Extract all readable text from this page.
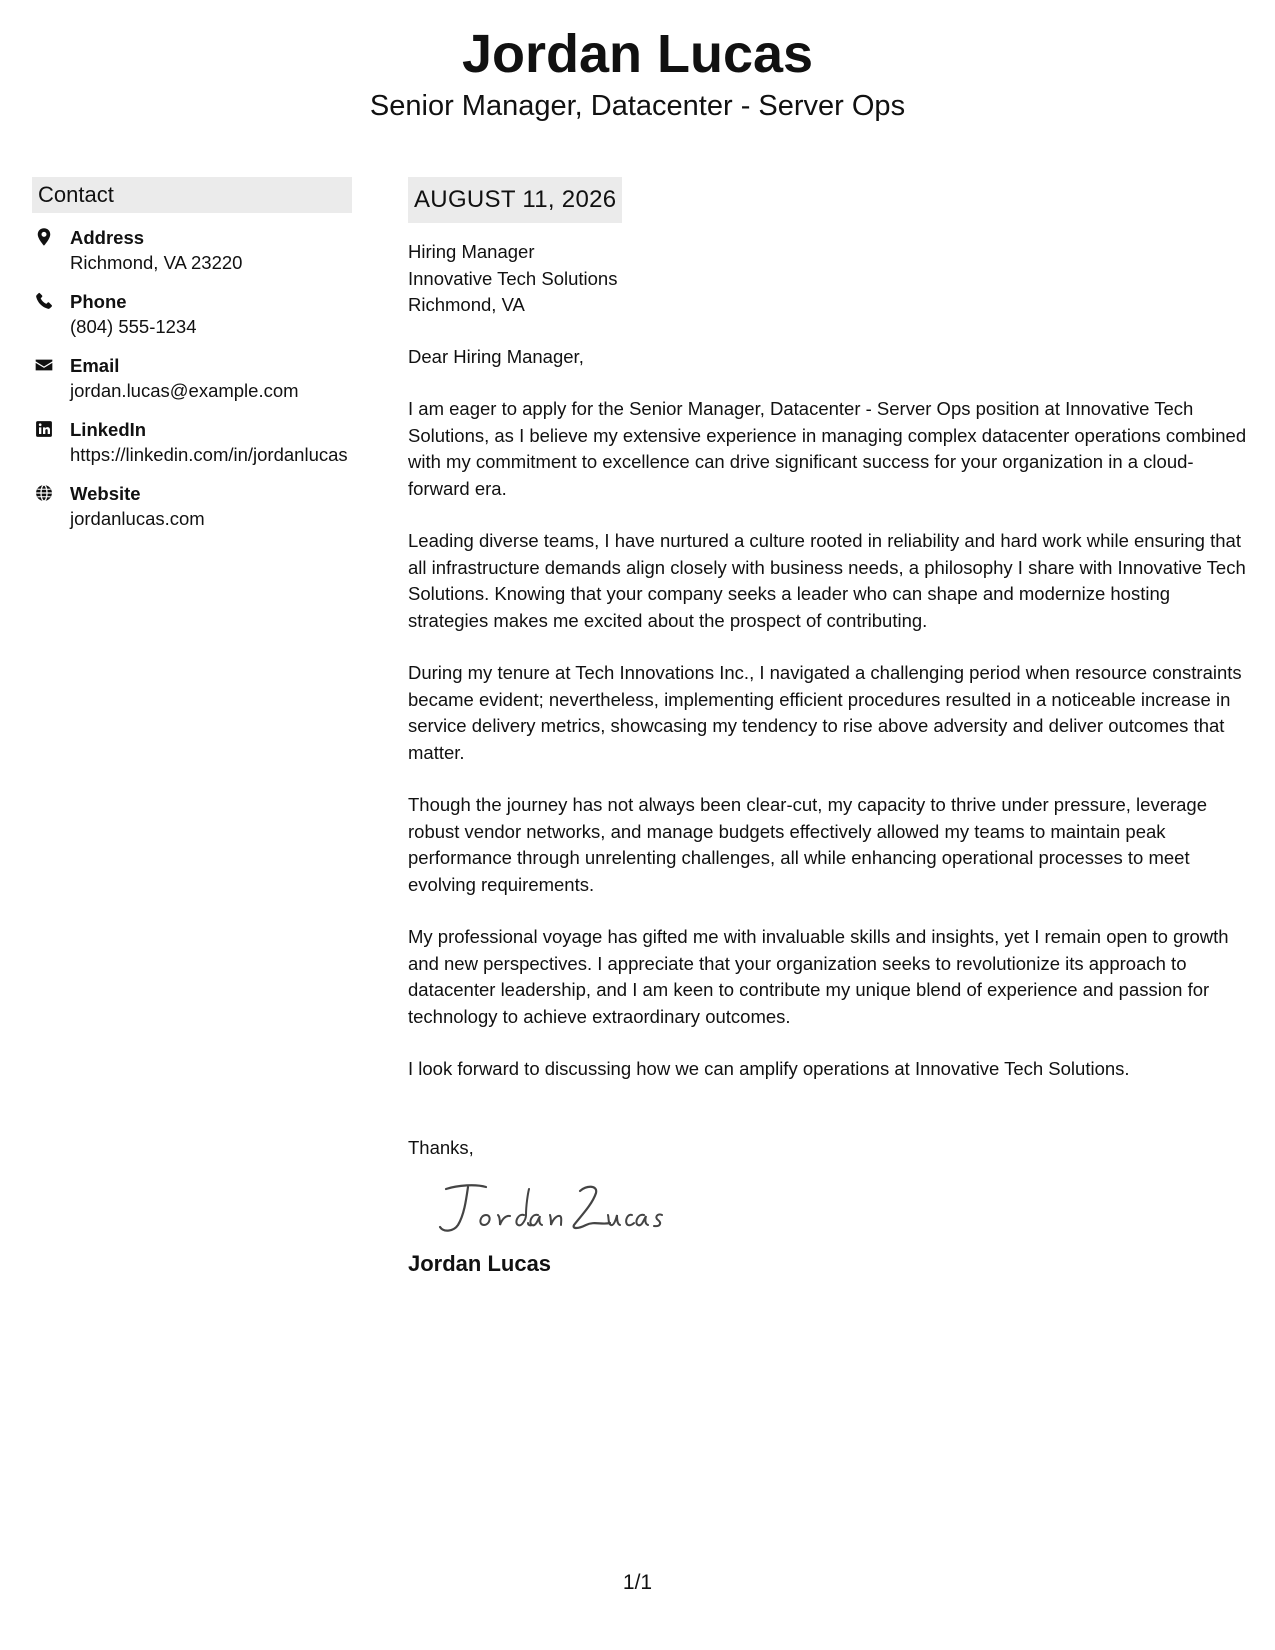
Jordan Lucas
Senior Manager, Datacenter - Server Ops
Contact
Address
Richmond, VA 23220
Phone
(804) 555-1234
Email
jordan.lucas@example.com
LinkedIn
https://linkedin.com/in/jordanlucas
Website
jordanlucas.com
AUGUST 11, 2026
Hiring Manager
Innovative Tech Solutions
Richmond, VA

Dear Hiring Manager,

I am eager to apply for the Senior Manager, Datacenter - Server Ops position at Innovative Tech Solutions, as I believe my extensive experience in managing complex datacenter operations combined with my commitment to excellence can drive significant success for your organization in a cloud-forward era.

Leading diverse teams, I have nurtured a culture rooted in reliability and hard work while ensuring that all infrastructure demands align closely with business needs, a philosophy I share with Innovative Tech Solutions. Knowing that your company seeks a leader who can shape and modernize hosting strategies makes me excited about the prospect of contributing.

During my tenure at Tech Innovations Inc., I navigated a challenging period when resource constraints became evident; nevertheless, implementing efficient procedures resulted in a noticeable increase in service delivery metrics, showcasing my tendency to rise above adversity and deliver outcomes that matter.

Though the journey has not always been clear-cut, my capacity to thrive under pressure, leverage robust vendor networks, and manage budgets effectively allowed my teams to maintain peak performance through unrelenting challenges, all while enhancing operational processes to meet evolving requirements.

My professional voyage has gifted me with invaluable skills and insights, yet I remain open to growth and new perspectives. I appreciate that your organization seeks to revolutionize its approach to datacenter leadership, and I am keen to contribute my unique blend of experience and passion for technology to achieve extraordinary outcomes.

I look forward to discussing how we can amplify operations at Innovative Tech Solutions.

Thanks,

Jordan Lucas
1/1
